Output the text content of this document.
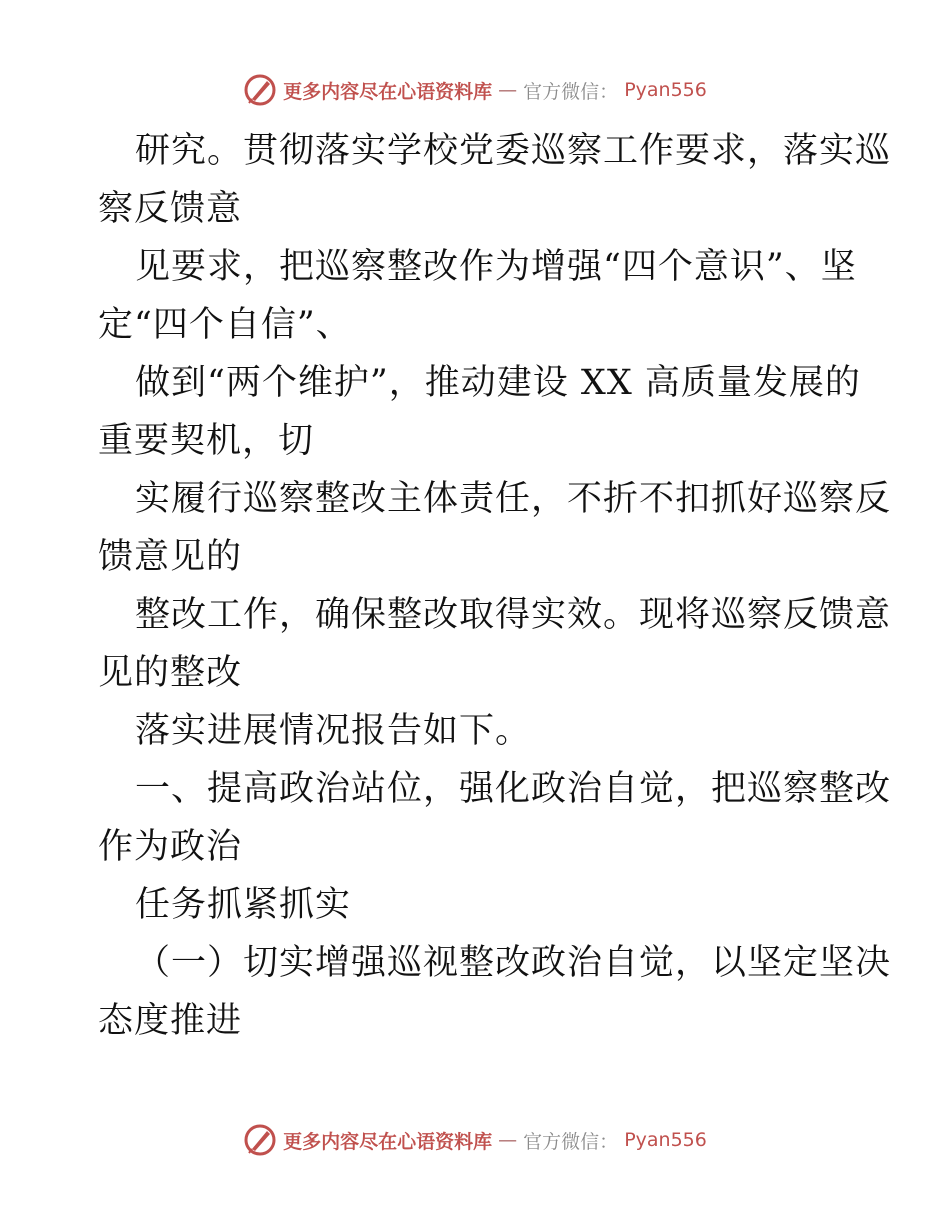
更多内容尽在心语资料库 — 官方微信： Pyan556
研究。贯彻落实学校党委巡察工作要求，落实巡
察反馈意
见要求，把巡察整改作为增强“四个意识”、坚
定“四个自信”、
做到“两个维护”，推动建设 XX 高质量发展的
重要契机，切
实履行巡察整改主体责任，不折不扣抓好巡察反
馈意见的
整改工作，确保整改取得实效。现将巡察反馈意
见的整改
落实进展情况报告如下。
一、提高政治站位，强化政治自觉，把巡察整改
作为政治
任务抓紧抓实
（一）切实增强巡视整改政治自觉，以坚定坚决
态度推进
更多内容尽在心语资料库 — 官方微信： Pyan556
